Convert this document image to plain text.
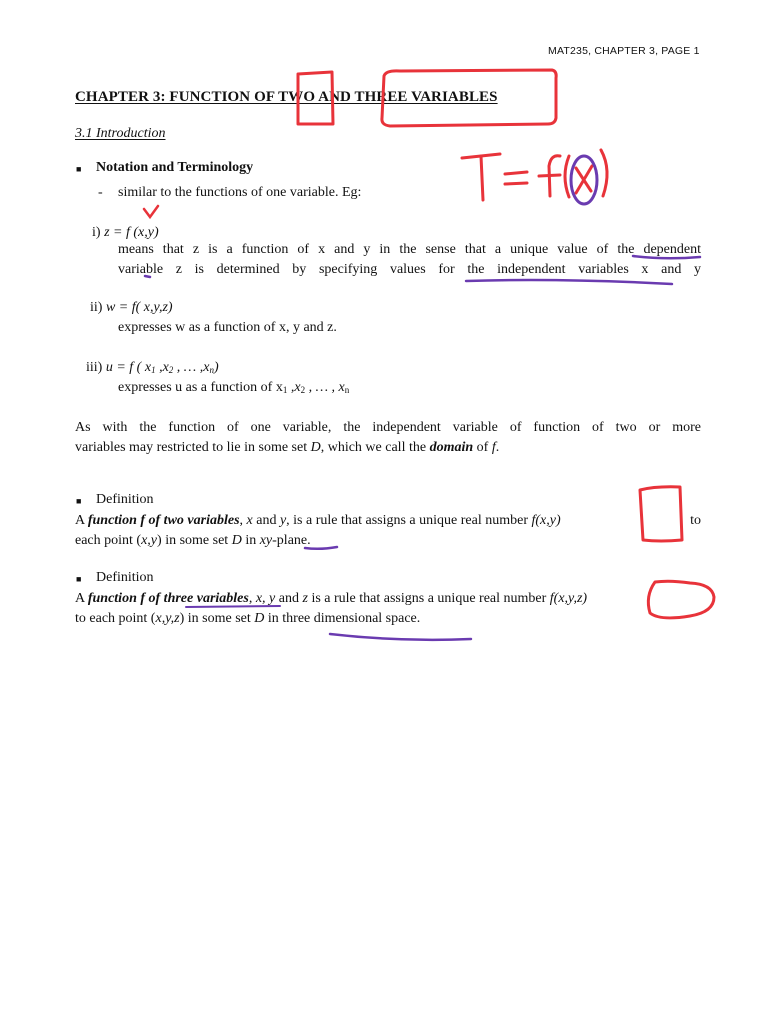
MAT235, CHAPTER 3, PAGE 1
CHAPTER 3: FUNCTION OF TWO AND THREE VARIABLES
3.1 Introduction
■ Notation and Terminology
- similar to the functions of one variable. Eg:
i) z = f (x,y)
means that z is a function of x and y in the sense that a unique value of the dependent
variable z is determined by specifying values for the independent variables x and y
ii) w = f( x,y,z)
expresses w as a function of x, y and z.
iii) u = f ( $x_1$ $,x_2$ , … $,x_n$)
expresses u as a function of $x_1$ $,x_2$ , … , $x_n$
As with the function of one variable, the independent variable of function of two or more
variables may restricted to lie in some set D, which we call the domain of f.
■ Definition
A function f of two variables, x and y, is a rule that assigns a unique real number f(x,y)	to
each point (x,y) in some set D in xy-plane.
■ Definition
A function f of three variables, x, y and z is a rule that assigns a unique real number f(x,y,z)
to each point (x,y,z) in some set D in three dimensional space.
